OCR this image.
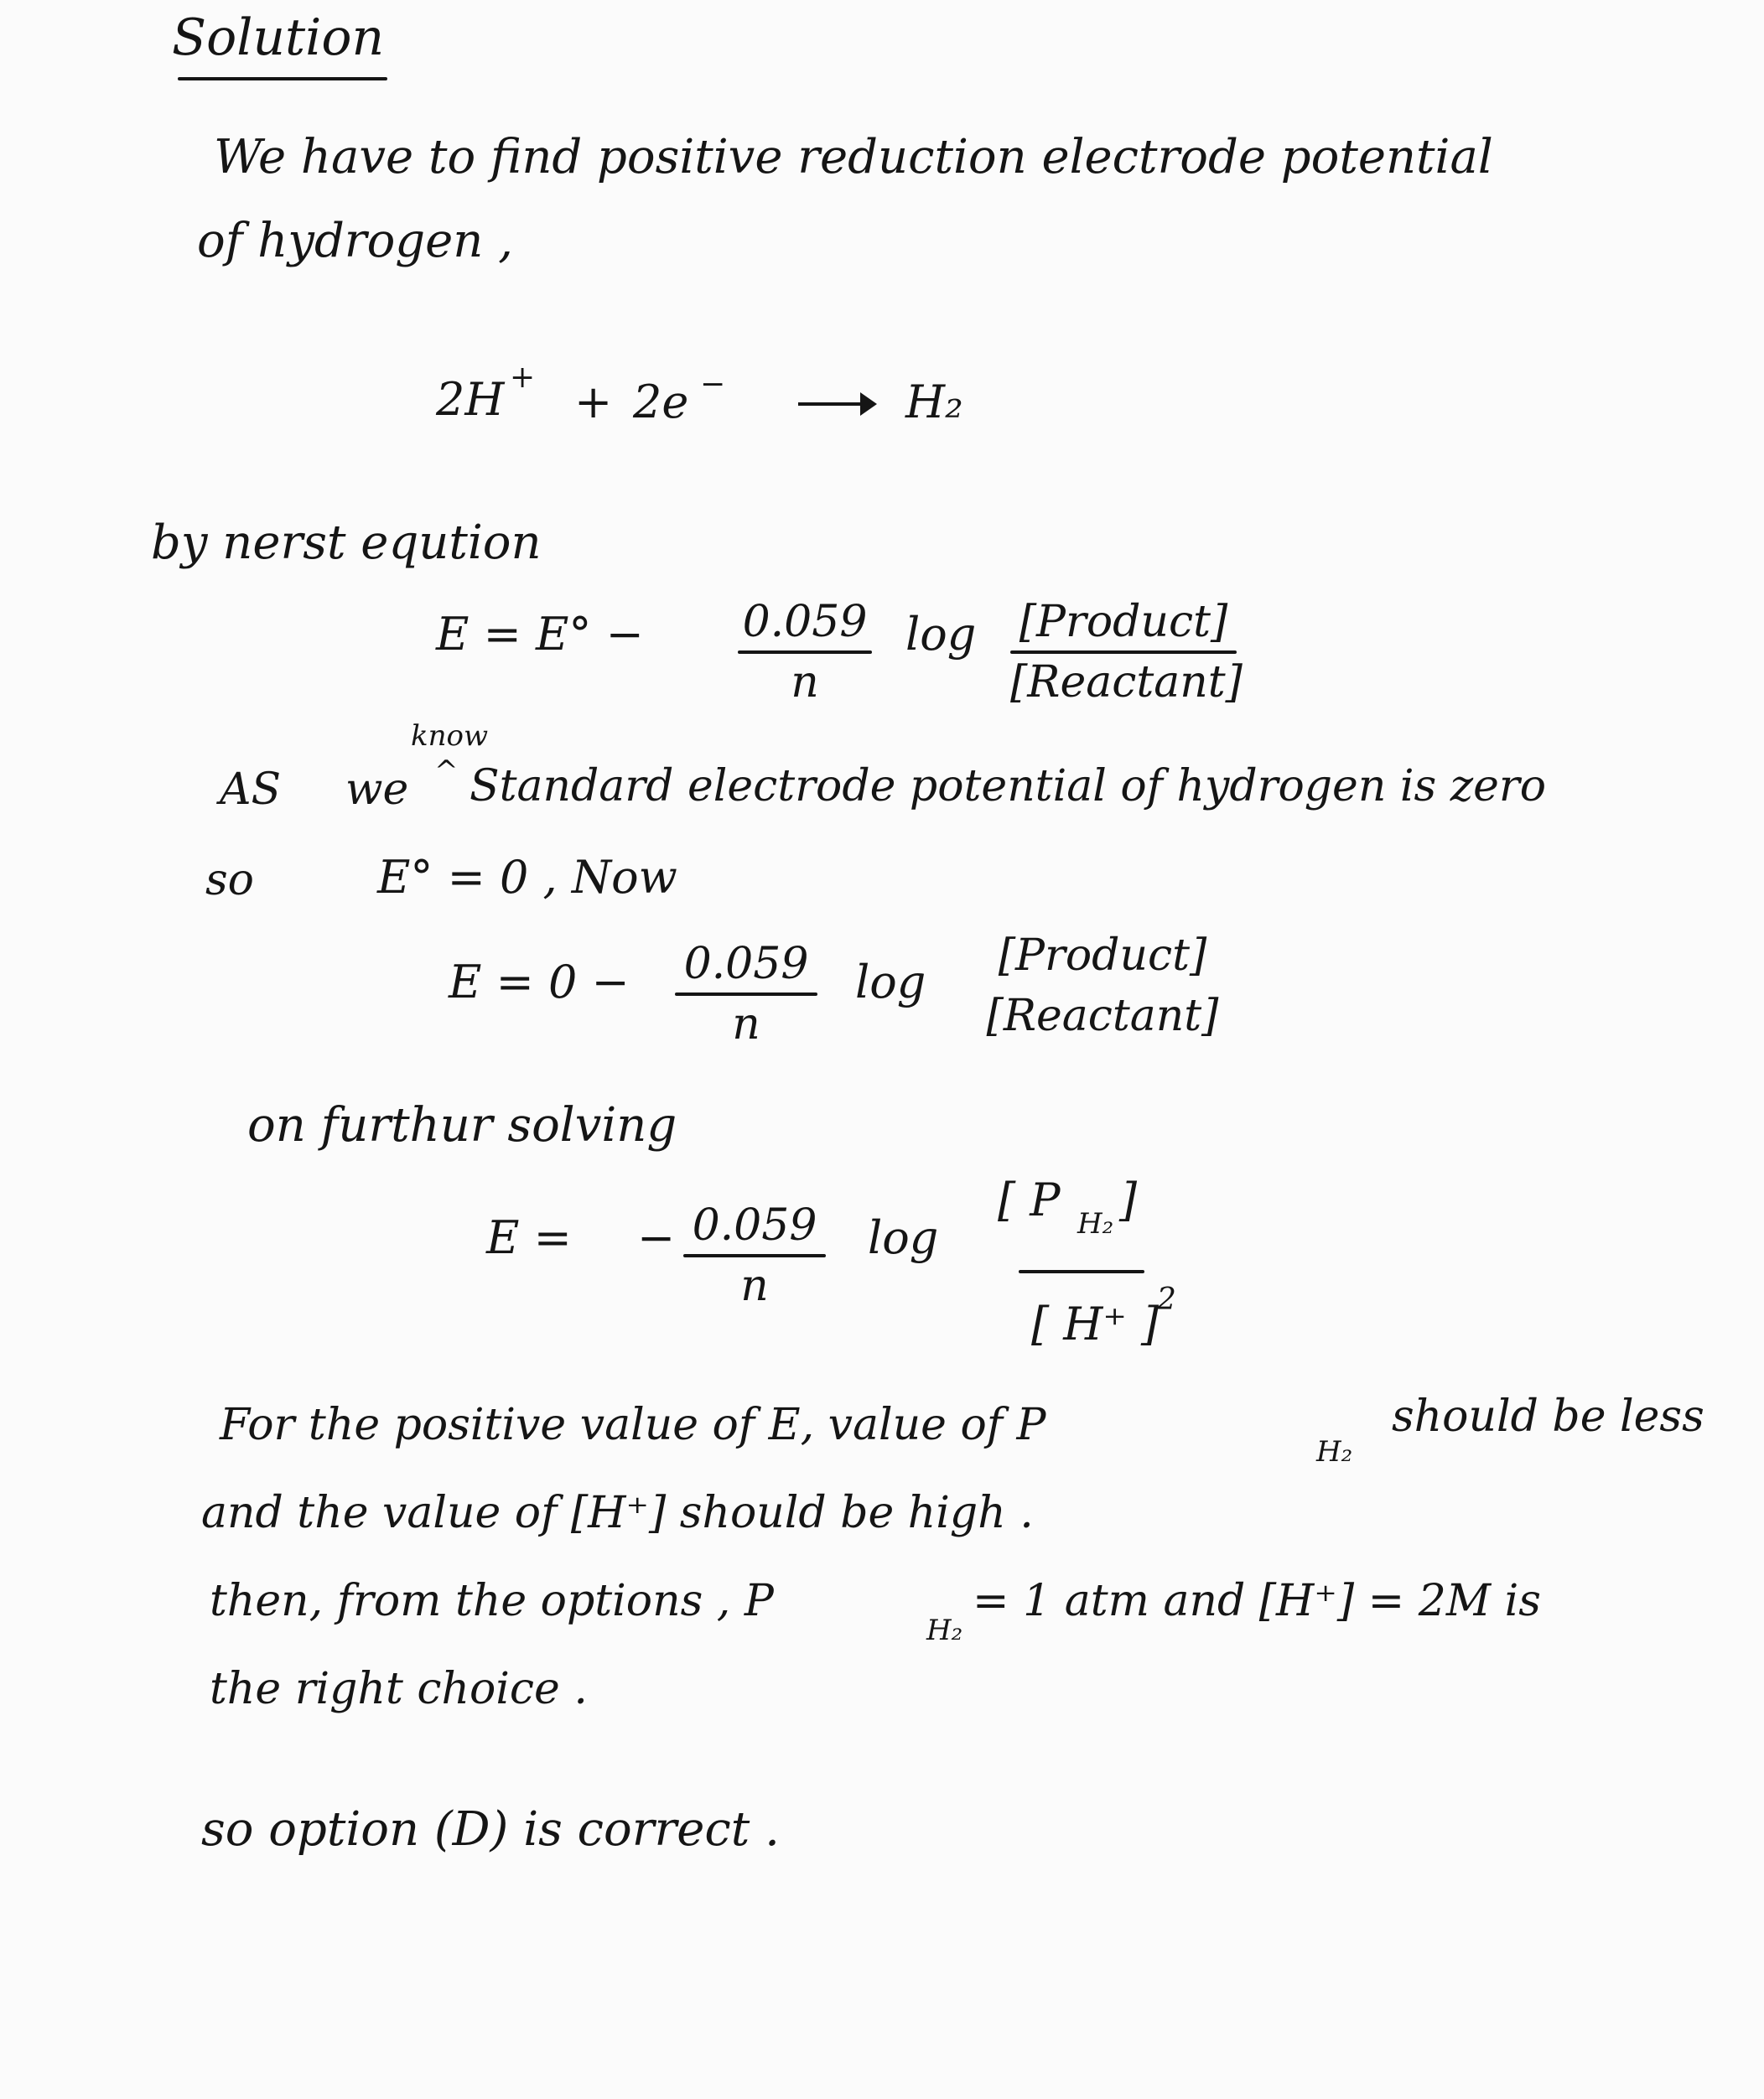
Solution
We have to find positive reduction electrode potential
of hydrogen ,
2H + + 2e −	H₂
by nerst eqution
E = E° − 0.059
n
log [Product]
[Reactant]
know
^
AS we Standard electrode potential of hydrogen is zero
so	E° = 0 , Now
E = 0 − 0.059
n
log	[Product]
[Reactant]
on furthur solving
E = − 0.059
n
log
[ P H₂ ]
[ H⁺ ]
2
For the positive value of E, value of P
H₂
should be less
and the value of [H⁺] should be high .
then, from the options , P
H₂
= 1 atm and [H⁺] = 2M is
the right choice .
so option (D) is correct .
